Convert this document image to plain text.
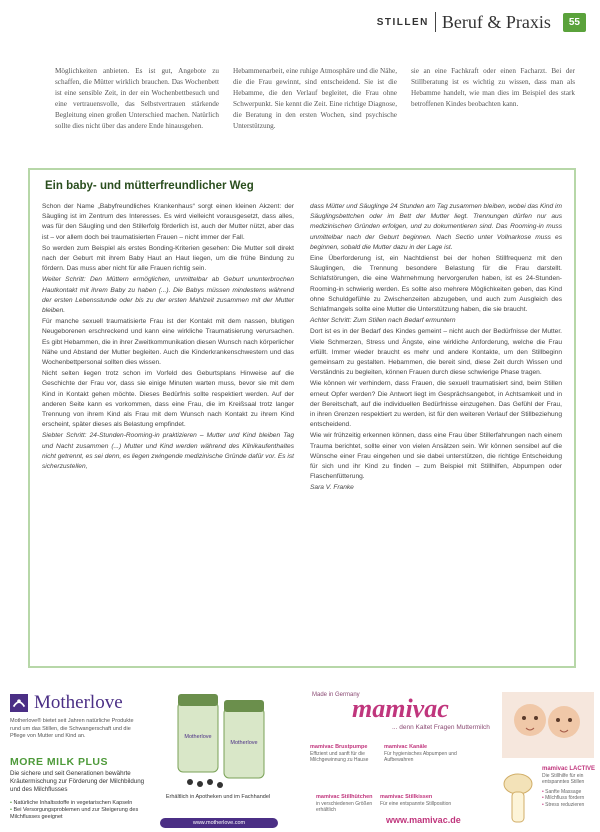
STILLEN Beruf & Praxis	55

Möglichkeiten anbieten. Es ist gut, Angebote zu schaffen, die Mütter wirklich brauchen. Das Wochenbett ist eine sensible Zeit, in der ein Wochenbettbesuch und eine vertrauensvolle, das Selbstvertrauen stärkende Begleitung einen großen Unterschied machen. Natürlich sollte dies nicht über das andere Ende hinausgehen.

Hebammenarbeit, eine ruhige Atmosphäre und die Nähe, die die Frau gewinnt, sind entscheidend. Sie ist die Hebamme, die den Verlauf begleitet, die Frau ohne Schwerpunkt. Sie kennt die Zeit. Eine richtige Diagnose, die Beratung in den ersten Wochen, sind psychische Unterstützung.

sie an eine Fachkraft oder einen Facharzt. Bei der Stillberatung ist es wichtig zu wissen, dass man als Hebamme handelt, wie man dies im Beispiel des stark betroffenen Kindes beobachten kann.

Ein baby- und mütterfreundlicher Weg

Schon der Name „Babyfreundliches Krankenhaus“ sorgt einen kleinen Akzent: der Säugling ist im Zentrum des Interesses. Es wird vielleicht vorausgesetzt, dass alles, was für den Säugling und den Stillerfolg förderlich ist, auch der Mutter nützt, aber das ist – vor allem doch bei traumatisierten Frauen – nicht immer der Fall.

So werden zum Beispiel als erstes Bonding-Kriterien gesehen: Die Mutter soll direkt nach der Geburt mit ihrem Baby Haut an Haut liegen, um die frühe Bindung zu fördern. Das muss aber nicht für alle Frauen richtig sein.

Weiter Schritt: Den Müttern ermöglichen, unmittelbar ab Geburt ununterbrochen Hautkontakt mit ihrem Baby zu haben (...). Die Babys müssen mindestens während der ersten Lebensstunde oder bis zu der ersten Mahlzeit zusammen mit der Mutter bleiben.

Für manche sexuell traumatisierte Frau ist der Kontakt mit dem nassen, blutigen Neugeborenen erschreckend und kann eine wirkliche Traumatisierung verursachen. Es gibt Hebammen, die in ihrer Zweitkommunikation diesen Wunsch nach körperlicher Nähe und Abstand der Mutter begleiten. Auch die Kinderkrankenschwestern und das Wochenbettpersonal sollten dies wissen.

Nicht selten liegen trotz schon im Vorfeld des Geburtsplans Hinweise auf die Geschichte der Frau vor, dass sie einige Minuten warten muss, bevor sie mit dem Kind in Kontakt gehen möchte. Dieses Bedürfnis sollte respektiert werden. Auf der anderen Seite kann es vorkommen, dass eine Frau, die im Kreißsaal trotz langer Trennung von ihrem Kind als Frau mit dem Wunsch nach Kontakt zu ihrem Kind erscheint, später dieses als Belastung empfindet.

Siebter Schritt: 24-Stunden-Rooming-in praktizieren – Mutter und Kind bleiben Tag und Nacht zusammen (...) Mutter und Kind werden während des Klinikaufenthaltes nicht getrennt, es sei denn, es liegen zwingende medizinische Gründe dafür vor. Es ist sicherzustellen,

dass Mütter und Säuglinge 24 Stunden am Tag zusammen bleiben, wobei das Kind im Säuglingsbettchen oder im Bett der Mutter liegt. Trennungen dürfen nur aus medizinischen Gründen erfolgen, und zu dokumentieren sind. Das Rooming-in muss unmittelbar nach der Geburt beginnen. Nach Sectio unter Vollnarkose muss es beginnen, sobald die Mutter dazu in der Lage ist.

Eine Überforderung ist, ein Nachtdienst bei der hohen Stillfrequenz mit den Säuglingen, die Trennung besondere Belastung für die Frau darstellt. Schlafstörungen, die eine Wahrnehmung hervorgerufen haben, ist es 24-Stunden-Rooming-in schwierig werden. Es sollte also mehrere Möglichkeiten geben, das Kind ohne Schuldgefühle zu Zwischenzeiten abzugeben, und auch zum Ausgleich des Schlafmangels sollte eine Mutter die Unterstützung haben, die sie braucht.

Achter Schritt: Zum Stillen nach Bedarf ermuntern

Dort ist es in der Bedarf des Kindes gemeint – nicht auch der Bedürfnisse der Mutter. Viele Schmerzen, Stress und Ängste, eine wirkliche Anforderung, welche die Frau erfüllt. Immer wieder braucht es mehr und andere Kontakte, um den Stillbeginn gemeinsam zu gestalten. Hebammen, die bereit sind, diese Zeit durch Wissen und Verständnis zu begleiten, können Frauen durch diese schwierige Phase tragen.

Wie können wir verhindern, dass Frauen, die sexuell traumatisiert sind, beim Stillen erneut Opfer werden? Die Antwort liegt im Gesprächsangebot, in Achtsamkeit und in der Bereitschaft, auf die individuellen Bedürfnisse einzugehen. Das Gefühl der Frau, in ihren Grenzen respektiert zu werden, ist für den weiteren Verlauf der Stillbeziehung entscheidend.

Wie wir frühzeitig erkennen können, dass eine Frau über Stillerfahrungen nach einem Trauma berichtet, sollte einer von vielen Ansätzen sein. Wir können sensibel auf die Wünsche einer Frau eingehen und sie dabei unterstützen, die richtige Entscheidung für sich und ihr Kind zu finden – zum Beispiel mit Stillhilfen, Abpumpen oder Flaschenfütterung.

Sara V. Franke

Motherlove
Motherlove® bietet seit Jahren natürliche Produkte rund um das Stillen, die Schwangerschaft und die Pflege von Mutter und Kind an.
MORE MILK PLUS
Die sichere und seit Generationen bewährte Kräutermischung zur Förderung der Milchbildung und des Milchflusses
• Natürliche Inhaltsstoffe in vegetarischen Kapseln
• Bei Versorgungsproblemen und zur Steigerung des Milchflusses geeignet
Motherlove
Motherlove
Erhältlich in Apotheken und im Fachhandel
www.motherlove.com
Made in Germany
mamivac
... denn Kaltet Fragen Muttermilch
mamivac Brustpumpe
Effizient und sanft für die Milchgewinnung zu Hause
mamivac Kanäle
Für hygienisches Abpumpen und Aufbewahren
mamivac Stillhütchen
in verschiedenen Größen erhältlich
mamivac Stillkissen
Für eine entspannte Stillposition
www.mamivac.de
mamivac LACTIVE
Die Stillhilfe für ein entspanntes Stillen
• Sanfte Massage
• Milchfluss fördern
• Stress reduzieren
